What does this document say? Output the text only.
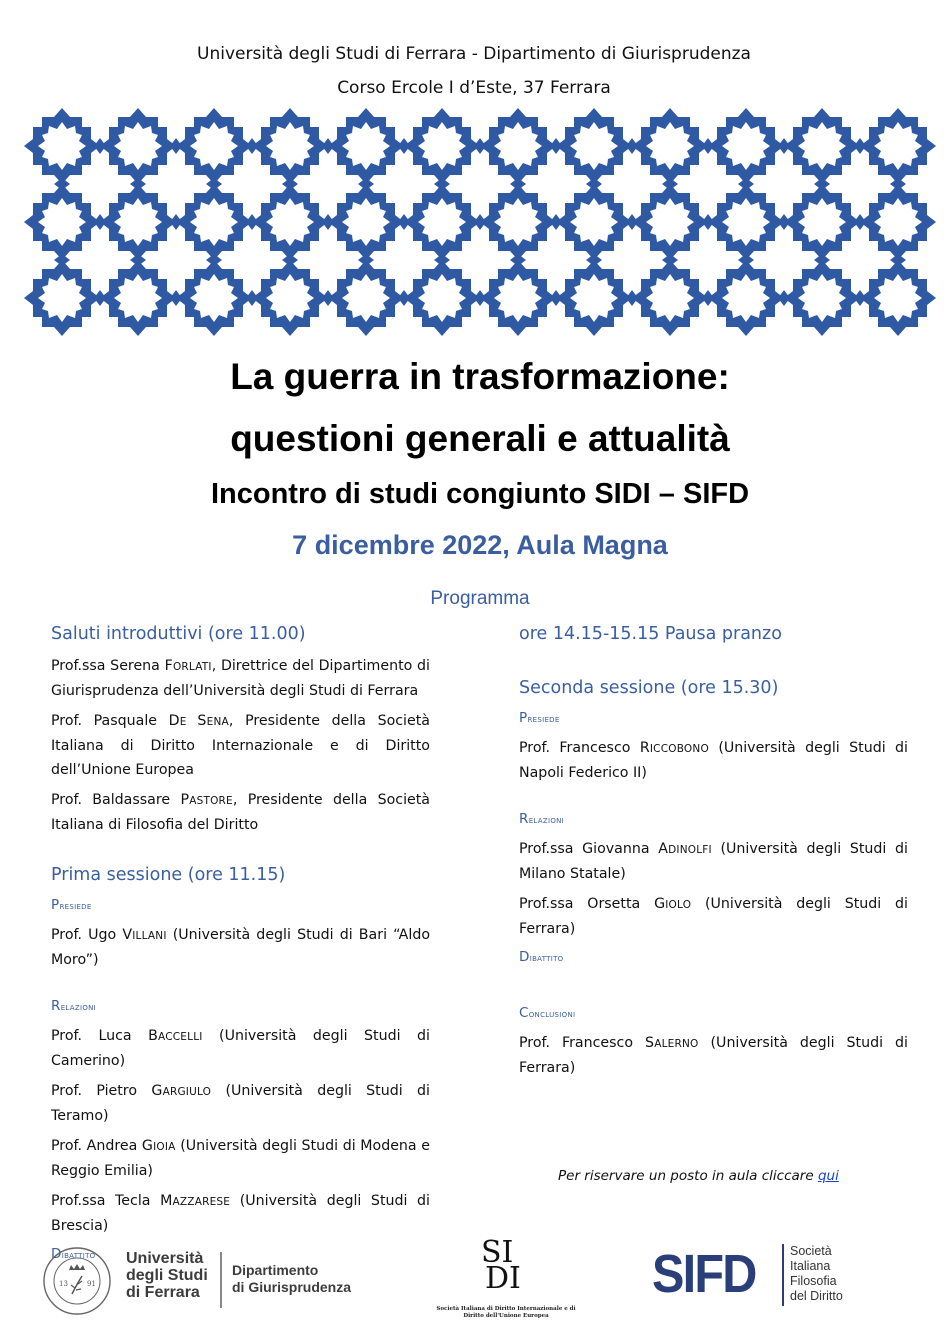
Università degli Studi di Ferrara - Dipartimento di Giurisprudenza
Corso Ercole I d’Este, 37 Ferrara
La guerra in trasformazione:
questioni generali e attualità
Incontro di studi congiunto SIDI – SIFD
7 dicembre 2022, Aula Magna
Programma

Saluti introduttivi (ore 11.00)

Prof.ssa Serena FORLATI, Direttrice del Dipartimento di Giurisprudenza dell’Università degli Studi di Ferrara

Prof. Pasquale DE SENA, Presidente della Società Italiana di Diritto Internazionale e di Diritto dell’Unione Europea

Prof. Baldassare PASTORE, Presidente della Società Italiana di Filosofia del Diritto

Prima sessione (ore 11.15)

Presiede

Prof. Ugo VILLANI (Università degli Studi di Bari “Aldo Moro”)

Relazioni

Prof. Luca BACCELLI (Università degli Studi di Camerino)

Prof. Pietro GARGIULO (Università degli Studi di Teramo)

Prof. Andrea GIOIA (Università degli Studi di Modena e Reggio Emilia)

Prof.ssa Tecla MAZZARESE (Università degli Studi di Brescia)

Dibattito

ore 14.15-15.15 Pausa pranzo

Seconda sessione (ore 15.30)

Presiede

Prof. Francesco RICCOBONO (Università degli Studi di Napoli Federico II)

Relazioni

Prof.ssa Giovanna ADINOLFI (Università degli Studi di Milano Statale)

Prof.ssa Orsetta GIOLO (Università degli Studi di Ferrara)

Dibattito

Conclusioni

Prof. Francesco SALERNO (Università degli Studi di Ferrara)

Per riservare un posto in aula cliccare qui
13	91
Università
degli Studi
di Ferrara
Dipartimento
di Giurisprudenza
SI
DI
Società Italiana di Diritto Internazionale e di
Diritto dell'Unione Europea
SIFD	Società
Italiana
Filosofia
del Diritto
